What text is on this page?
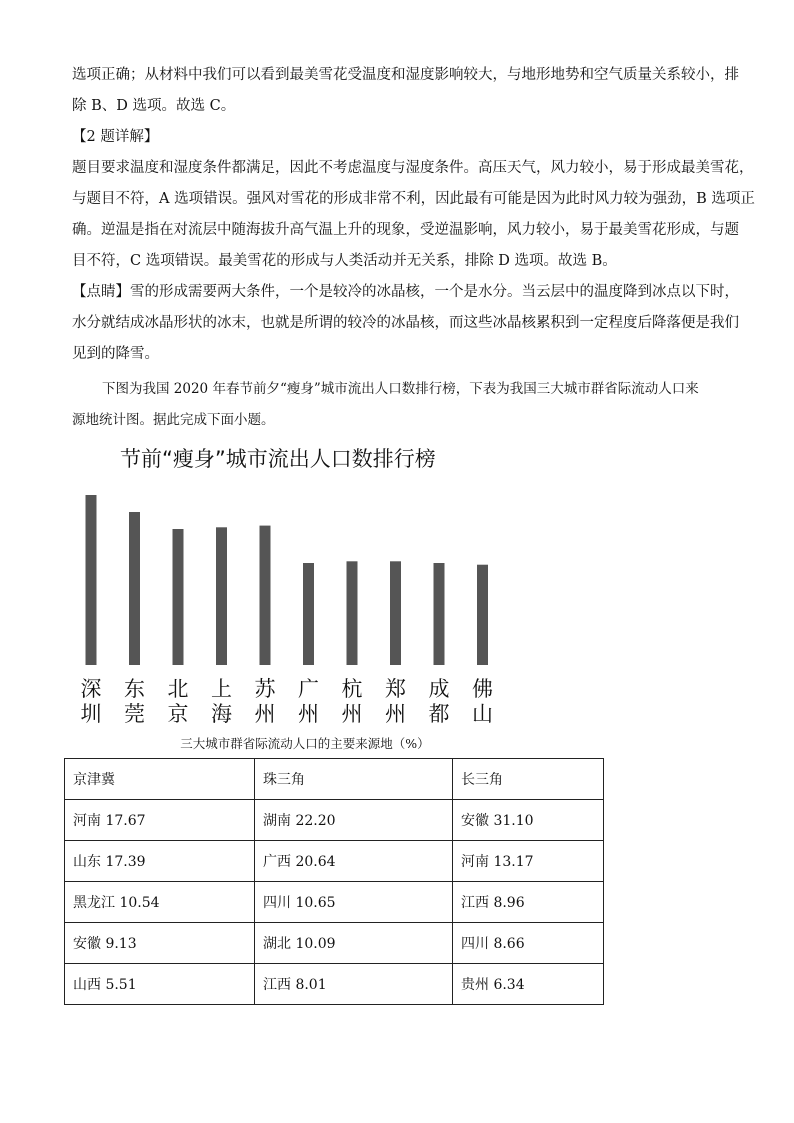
选项正确；从材料中我们可以看到最美雪花受温度和湿度影响较大，与地形地势和空气质量关系较小，排

除 B、D 选项。故选 C。

【2 题详解】

题目要求温度和湿度条件都满足，因此不考虑温度与湿度条件。高压天气，风力较小，易于形成最美雪花，

与题目不符，A 选项错误。强风对雪花的形成非常不利，因此最有可能是因为此时风力较为强劲，B 选项正

确。逆温是指在对流层中随海拔升高气温上升的现象，受逆温影响，风力较小，易于最美雪花形成，与题

目不符，C 选项错误。最美雪花的形成与人类活动并无关系，排除 D 选项。故选 B。

【点睛】雪的形成需要两大条件，一个是较冷的冰晶核，一个是水分。当云层中的温度降到冰点以下时，

水分就结成冰晶形状的冰末，也就是所谓的较冷的冰晶核，而这些冰晶核累积到一定程度后降落便是我们

见到的降雪。

下图为我国 2020 年春节前夕“瘦身”城市流出人口数排行榜，下表为我国三大城市群省际流动人口来

源地统计图。据此完成下面小题。

节前“瘦身”城市流出人口数排行榜
深
圳
东
莞
北
京
上
海
苏
州
广
州
杭
州
郑
州
成
都
佛
山
三大城市群省际流动人口的主要来源地（%）
京津冀	珠三角	长三角
河南 17.67	湖南 22.20	安徽 31.10
山东 17.39	广西 20.64	河南 13.17
黑龙江 10.54	四川 10.65	江西 8.96
安徽 9.13	湖北 10.09	四川 8.66
山西 5.51	江西 8.01	贵州 6.34
